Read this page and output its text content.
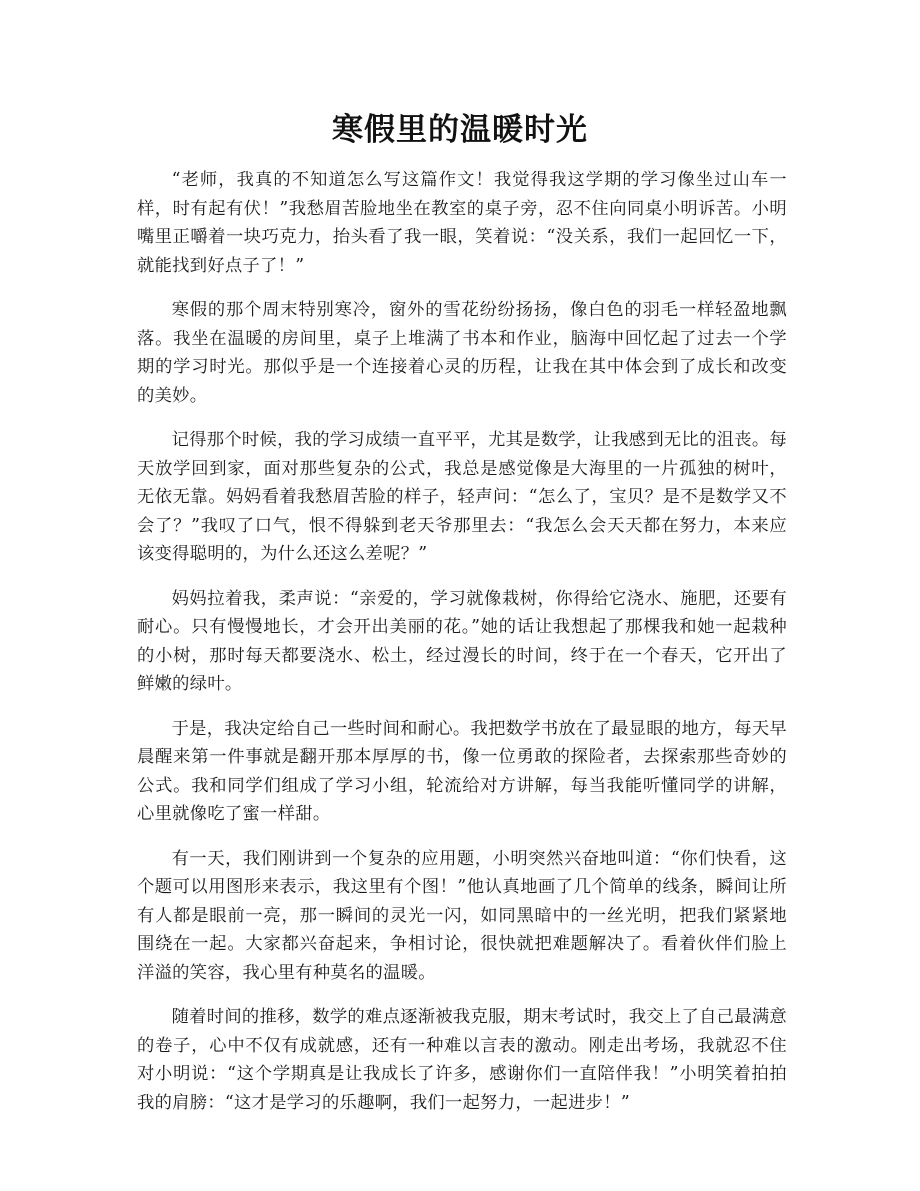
寒假里的温暖时光

“老师，我真的不知道怎么写这篇作文！我觉得我这学期的学习像坐过山车一样，时有起有伏！”我愁眉苦脸地坐在教室的桌子旁，忍不住向同桌小明诉苦。小明嘴里正嚼着一块巧克力，抬头看了我一眼，笑着说：“没关系，我们一起回忆一下，就能找到好点子了！”

寒假的那个周末特别寒冷，窗外的雪花纷纷扬扬，像白色的羽毛一样轻盈地飘落。我坐在温暖的房间里，桌子上堆满了书本和作业，脑海中回忆起了过去一个学期的学习时光。那似乎是一个连接着心灵的历程，让我在其中体会到了成长和改变的美妙。

记得那个时候，我的学习成绩一直平平，尤其是数学，让我感到无比的沮丧。每天放学回到家，面对那些复杂的公式，我总是感觉像是大海里的一片孤独的树叶，无依无靠。妈妈看着我愁眉苦脸的样子，轻声问：“怎么了，宝贝？是不是数学又不会了？”我叹了口气，恨不得躲到老天爷那里去：“我怎么会天天都在努力，本来应该变得聪明的，为什么还这么差呢？”

妈妈拉着我，柔声说：“亲爱的，学习就像栽树，你得给它浇水、施肥，还要有耐心。只有慢慢地长，才会开出美丽的花。”她的话让我想起了那棵我和她一起栽种的小树，那时每天都要浇水、松土，经过漫长的时间，终于在一个春天，它开出了鲜嫩的绿叶。

于是，我决定给自己一些时间和耐心。我把数学书放在了最显眼的地方，每天早晨醒来第一件事就是翻开那本厚厚的书，像一位勇敢的探险者，去探索那些奇妙的公式。我和同学们组成了学习小组，轮流给对方讲解，每当我能听懂同学的讲解，心里就像吃了蜜一样甜。

有一天，我们刚讲到一个复杂的应用题，小明突然兴奋地叫道：“你们快看，这个题可以用图形来表示，我这里有个图！”他认真地画了几个简单的线条，瞬间让所有人都是眼前一亮，那一瞬间的灵光一闪，如同黑暗中的一丝光明，把我们紧紧地围绕在一起。大家都兴奋起来，争相讨论，很快就把难题解决了。看着伙伴们脸上洋溢的笑容，我心里有种莫名的温暖。

随着时间的推移，数学的难点逐渐被我克服，期末考试时，我交上了自己最满意的卷子，心中不仅有成就感，还有一种难以言表的激动。刚走出考场，我就忍不住对小明说：“这个学期真是让我成长了许多，感谢你们一直陪伴我！”小明笑着拍拍我的肩膀：“这才是学习的乐趣啊，我们一起努力，一起进步！”
